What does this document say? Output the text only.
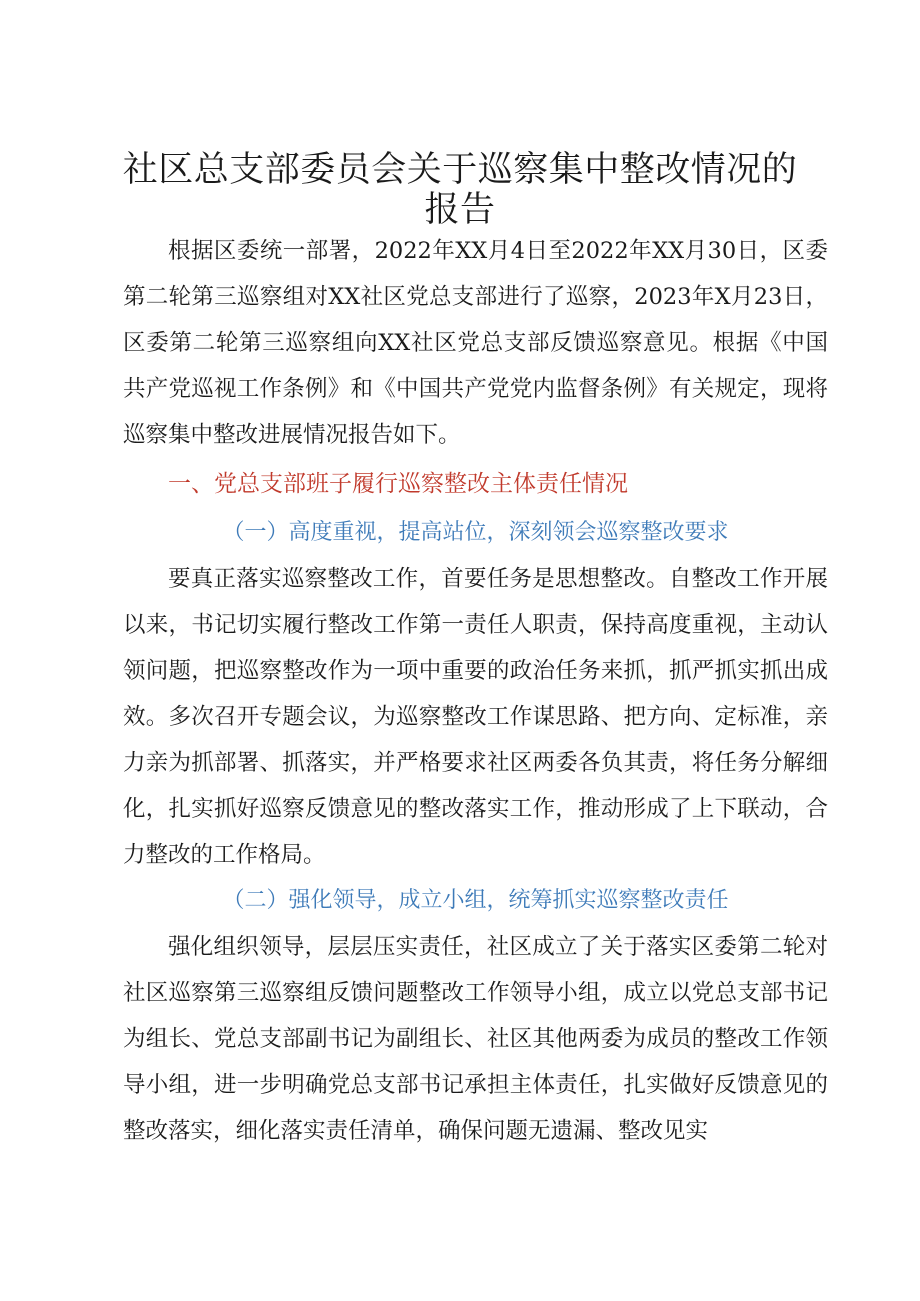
社区总支部委员会关于巡察集中整改情况的报告

根据区委统一部署，2022年XX月4日至2022年XX月30日，区委第二轮第三巡察组对XX社区党总支部进行了巡察，2023年X月23日，区委第二轮第三巡察组向XX社区党总支部反馈巡察意见。根据《中国共产党巡视工作条例》和《中国共产党党内监督条例》有关规定，现将巡察集中整改进展情况报告如下。

一、党总支部班子履行巡察整改主体责任情况

（一）高度重视，提高站位，深刻领会巡察整改要求

要真正落实巡察整改工作，首要任务是思想整改。自整改工作开展以来，书记切实履行整改工作第一责任人职责，保持高度重视，主动认领问题，把巡察整改作为一项中重要的政治任务来抓，抓严抓实抓出成效。多次召开专题会议，为巡察整改工作谋思路、把方向、定标准，亲力亲为抓部署、抓落实，并严格要求社区两委各负其责，将任务分解细化，扎实抓好巡察反馈意见的整改落实工作，推动形成了上下联动，合力整改的工作格局。

（二）强化领导，成立小组，统筹抓实巡察整改责任

强化组织领导，层层压实责任，社区成立了关于落实区委第二轮对社区巡察第三巡察组反馈问题整改工作领导小组，成立以党总支部书记为组长、党总支部副书记为副组长、社区其他两委为成员的整改工作领导小组，进一步明确党总支部书记承担主体责任，扎实做好反馈意见的整改落实，细化落实责任清单，确保问题无遗漏、整改见实
